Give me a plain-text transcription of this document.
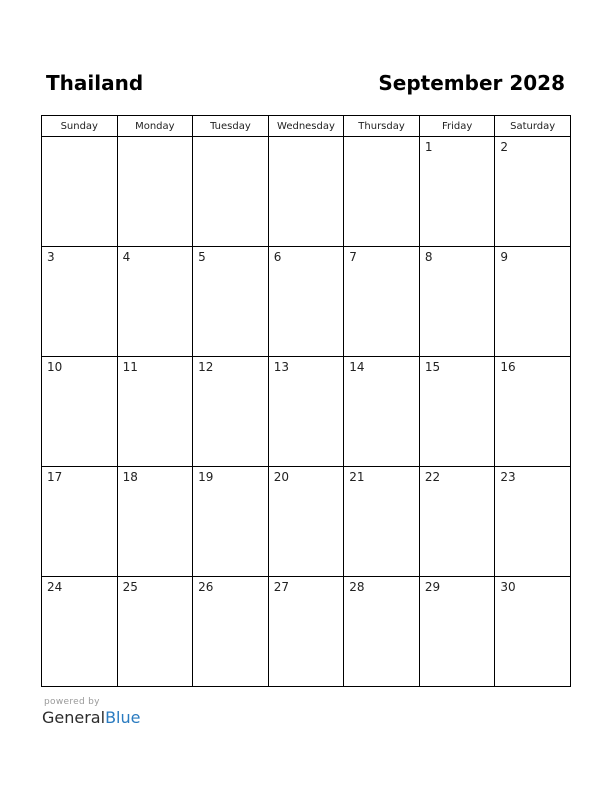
Thailand	September 2028
Sunday	Monday	Tuesday	Wednesday	Thursday	Friday	Saturday

					1	2

3	4	5	6	7	8	9

10	11	12	13	14	15	16

17	18	19	20	21	22	23

24	25	26	27	28	29	30
powered by
GeneralBlue
